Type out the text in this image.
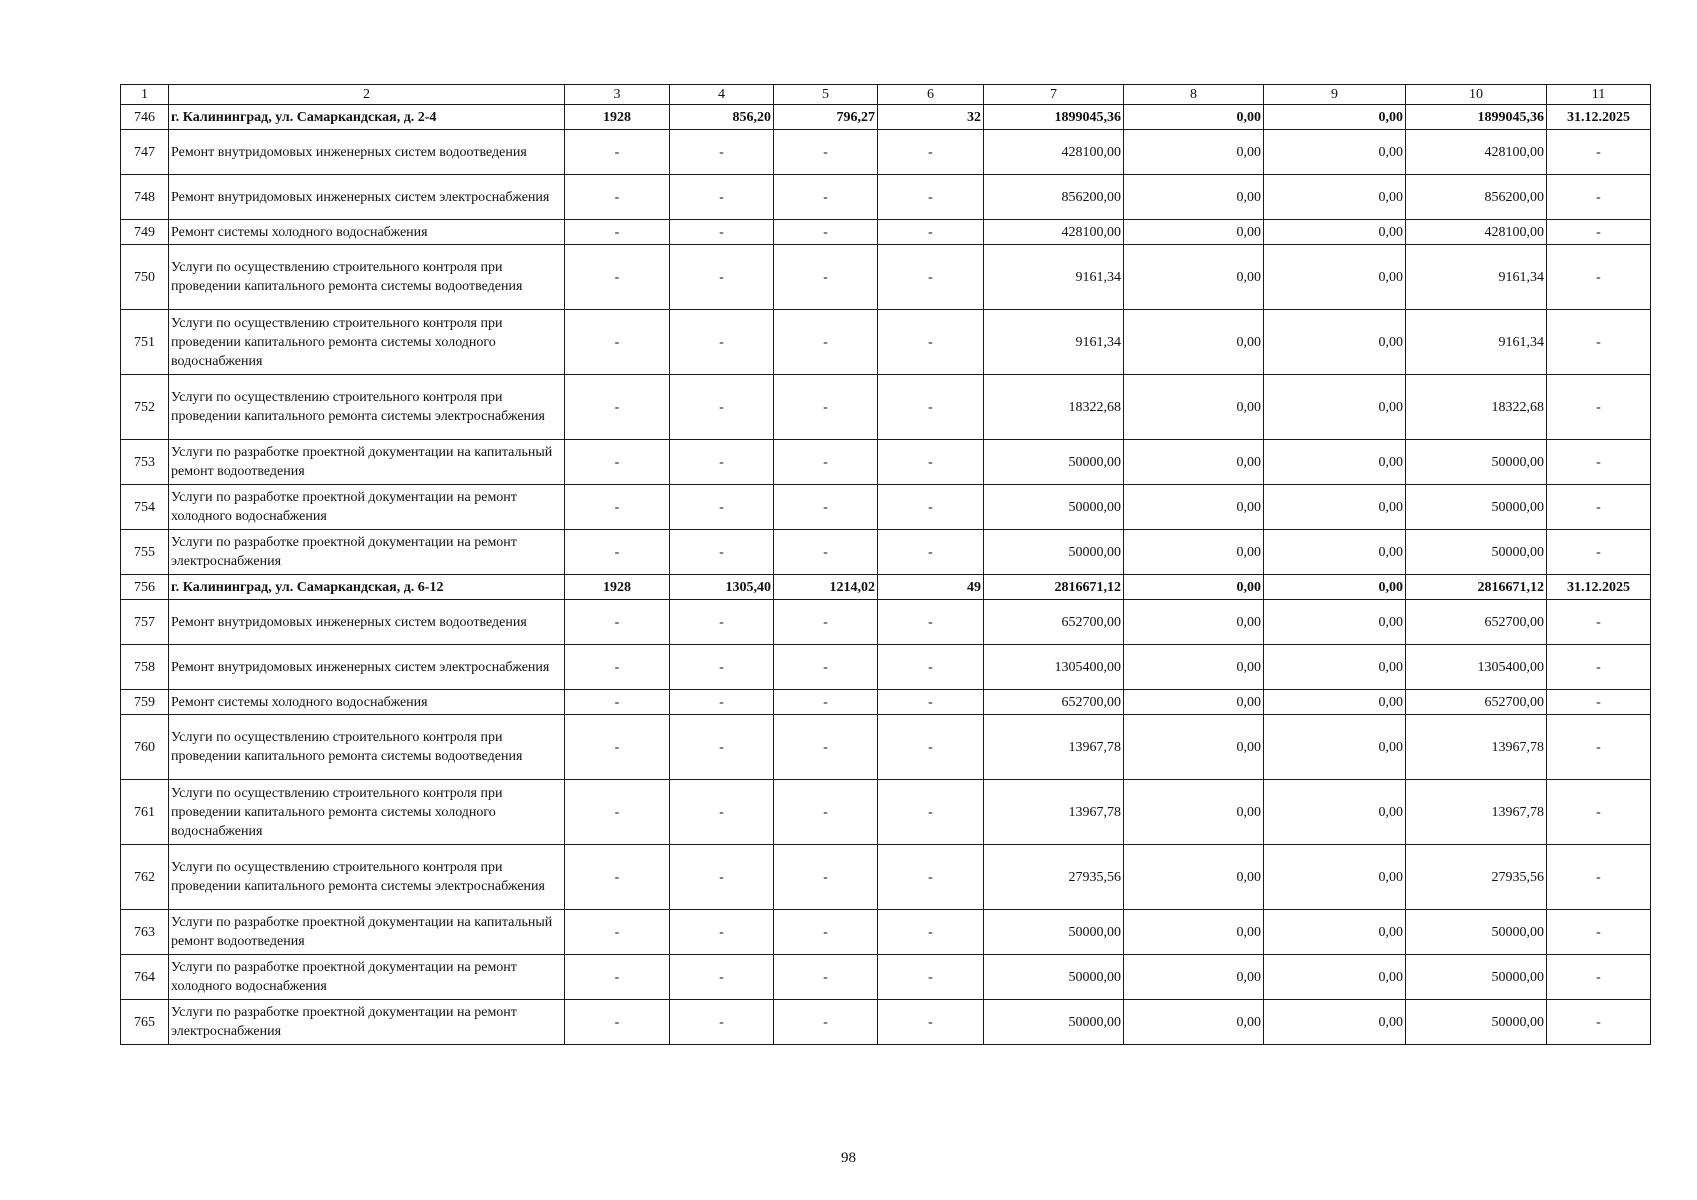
1	2	3	4	5	6	7	8	9	10	11
746	г. Калининград, ул. Самаркандская, д. 2-4	1928	856,20	796,27	32	1899045,36	0,00	0,00	1899045,36	31.12.2025
747	Ремонт внутридомовых инженерных систем водоотведения	-	-	-	-	428100,00	0,00	0,00	428100,00	-
748	Ремонт внутридомовых инженерных систем электроснабжения	-	-	-	-	856200,00	0,00	0,00	856200,00	-
749	Ремонт системы холодного водоснабжения	-	-	-	-	428100,00	0,00	0,00	428100,00	-
750	Услуги по осуществлению строительного контроля при проведении капитального ремонта системы водоотведения	-	-	-	-	9161,34	0,00	0,00	9161,34	-
751	Услуги по осуществлению строительного контроля при проведении капитального ремонта системы холодного водоснабжения	-	-	-	-	9161,34	0,00	0,00	9161,34	-
752	Услуги по осуществлению строительного контроля при проведении капитального ремонта системы электроснабжения	-	-	-	-	18322,68	0,00	0,00	18322,68	-
753	Услуги по разработке проектной документации на капитальный ремонт водоотведения	-	-	-	-	50000,00	0,00	0,00	50000,00	-
754	Услуги по разработке проектной документации на ремонт холодного водоснабжения	-	-	-	-	50000,00	0,00	0,00	50000,00	-
755	Услуги по разработке проектной документации на ремонт электроснабжения	-	-	-	-	50000,00	0,00	0,00	50000,00	-
756	г. Калининград, ул. Самаркандская, д. 6-12	1928	1305,40	1214,02	49	2816671,12	0,00	0,00	2816671,12	31.12.2025
757	Ремонт внутридомовых инженерных систем водоотведения	-	-	-	-	652700,00	0,00	0,00	652700,00	-
758	Ремонт внутридомовых инженерных систем электроснабжения	-	-	-	-	1305400,00	0,00	0,00	1305400,00	-
759	Ремонт системы холодного водоснабжения	-	-	-	-	652700,00	0,00	0,00	652700,00	-
760	Услуги по осуществлению строительного контроля при проведении капитального ремонта системы водоотведения	-	-	-	-	13967,78	0,00	0,00	13967,78	-
761	Услуги по осуществлению строительного контроля при проведении капитального ремонта системы холодного водоснабжения	-	-	-	-	13967,78	0,00	0,00	13967,78	-
762	Услуги по осуществлению строительного контроля при проведении капитального ремонта системы электроснабжения	-	-	-	-	27935,56	0,00	0,00	27935,56	-
763	Услуги по разработке проектной документации на капитальный ремонт водоотведения	-	-	-	-	50000,00	0,00	0,00	50000,00	-
764	Услуги по разработке проектной документации на ремонт холодного водоснабжения	-	-	-	-	50000,00	0,00	0,00	50000,00	-
765	Услуги по разработке проектной документации на ремонт электроснабжения	-	-	-	-	50000,00	0,00	0,00	50000,00	-
98
